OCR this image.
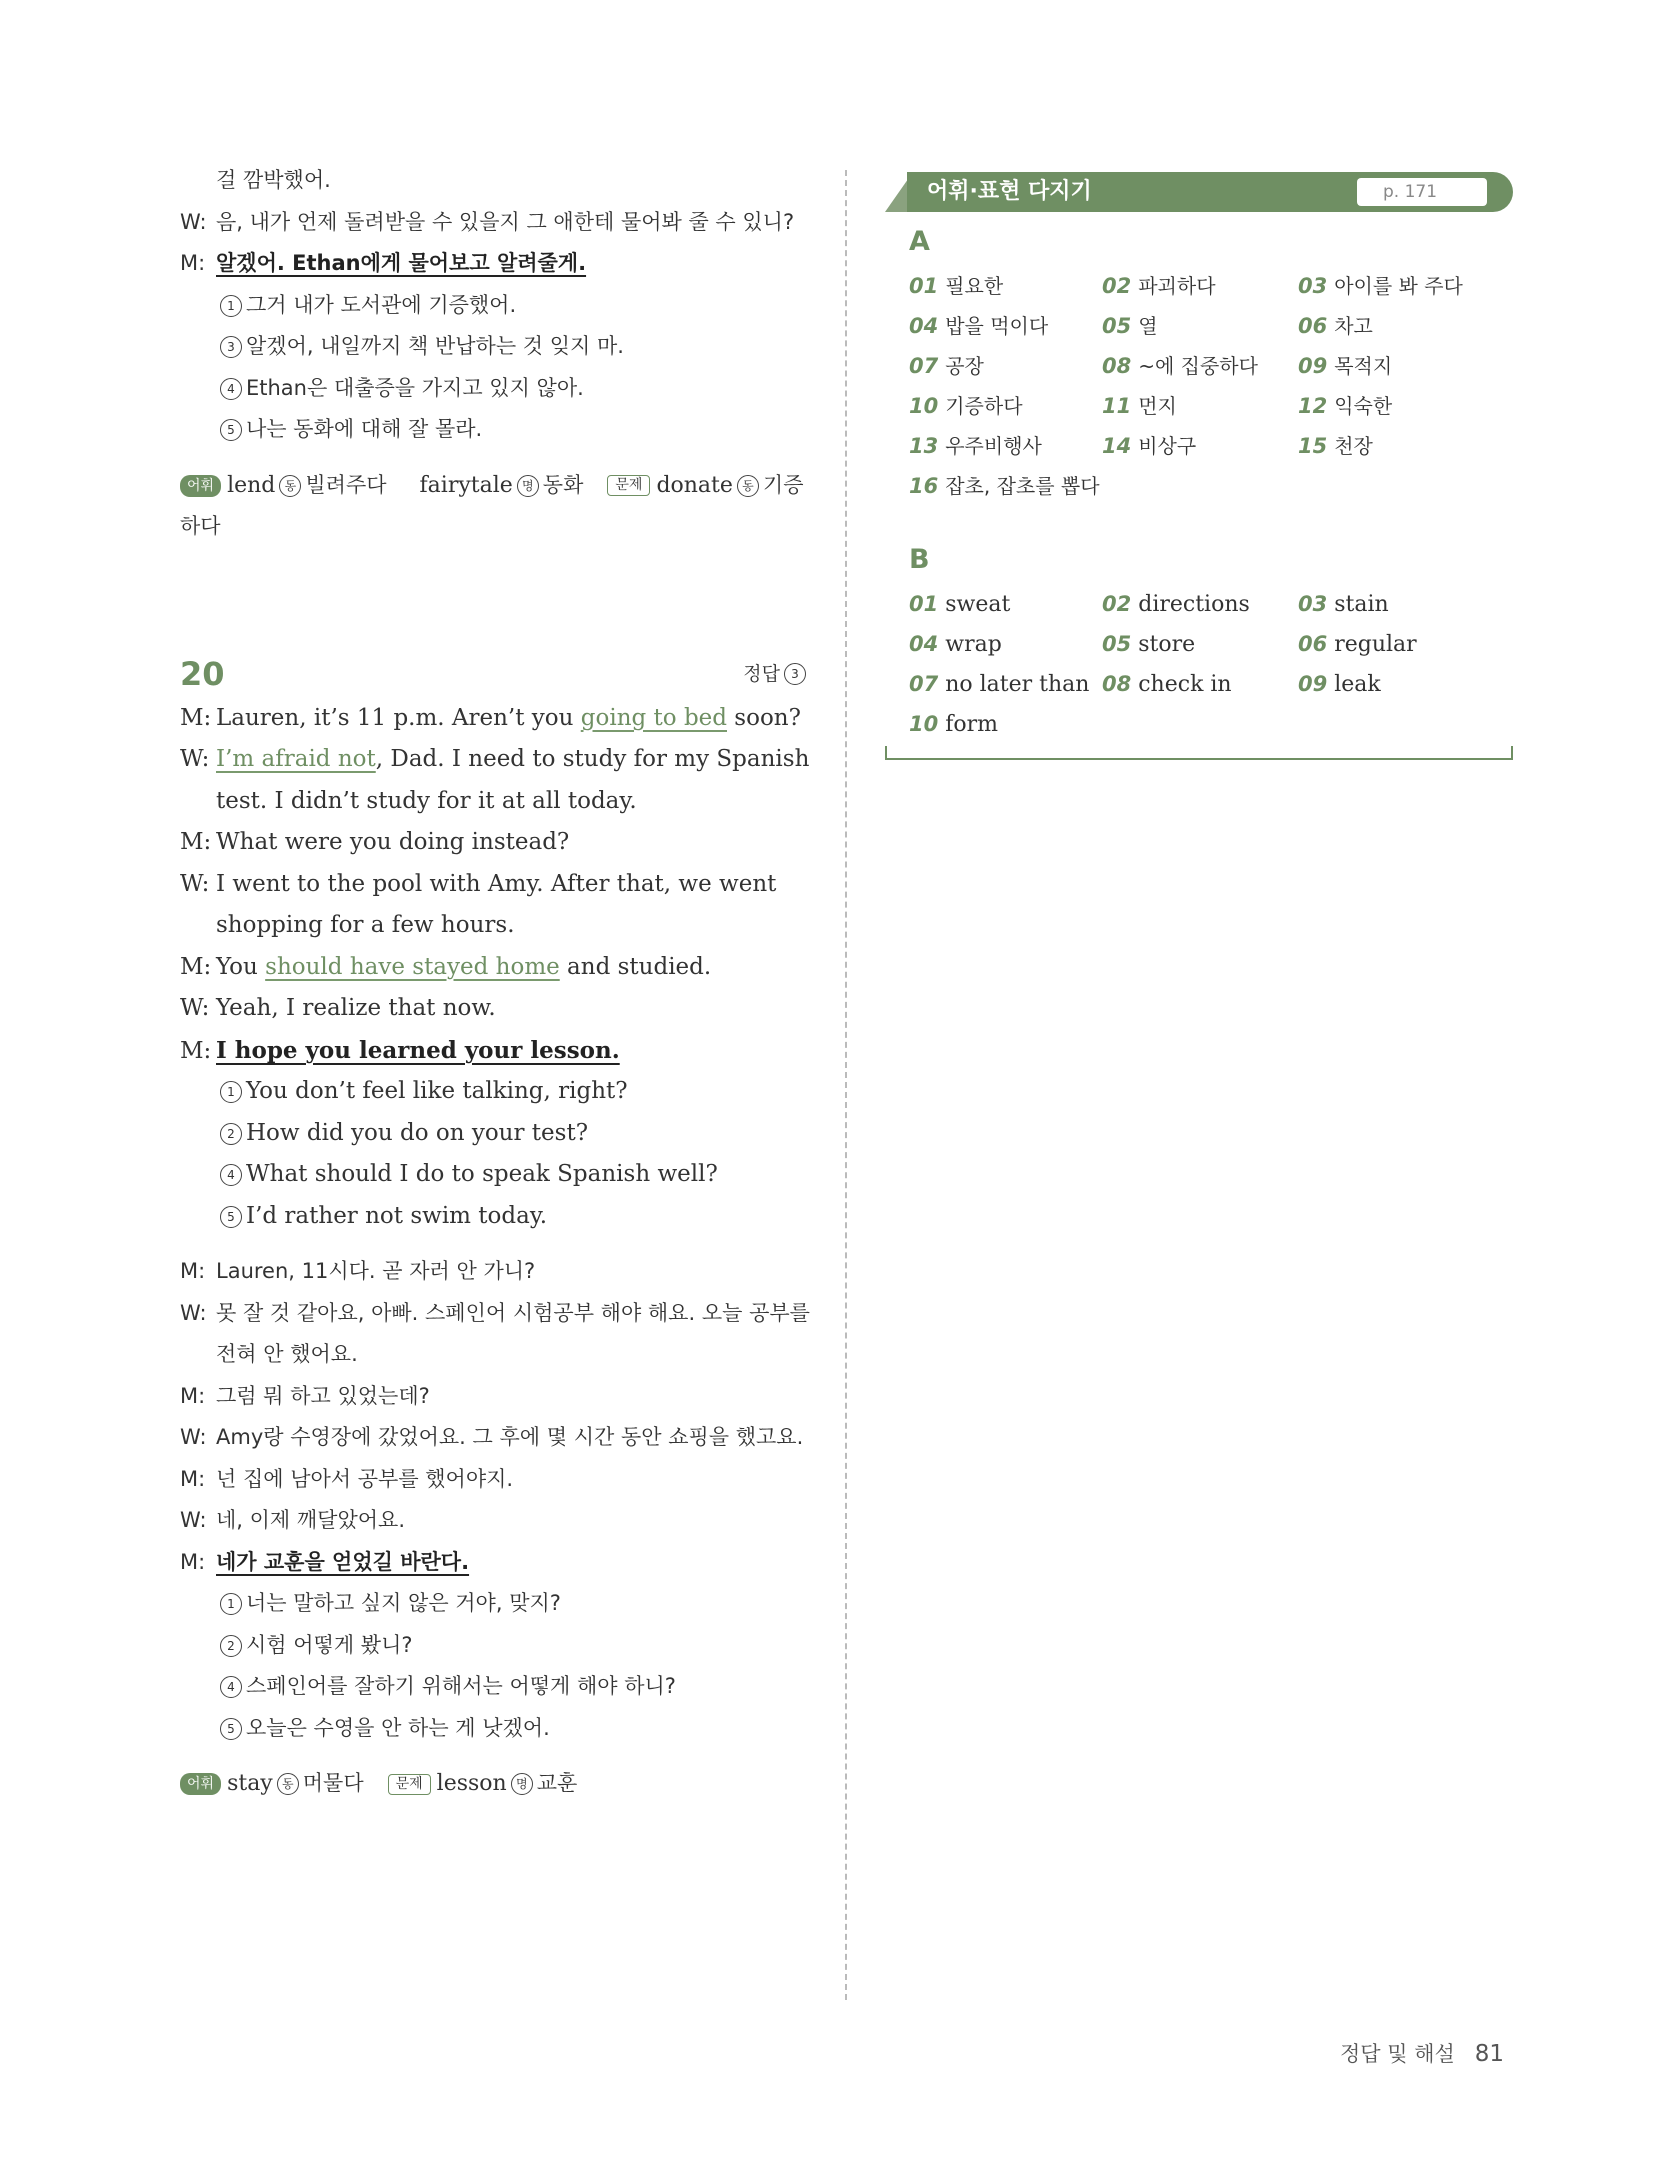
걸 깜박했어.
W: 음, 내가 언제 돌려받을 수 있을지 그 애한테 물어봐 줄 수 있니?
M: 알겠어. Ethan에게 물어보고 알려줄게.
1 그거 내가 도서관에 기증했어.
3 알겠어, 내일까지 책 반납하는 것 잊지 마.
4 Ethan은 대출증을 가지고 있지 않아.
5 나는 동화에 대해 잘 몰라.
어휘 lend 동 빌려주다 fairytale 명 동화 문제 donate 동 기증
하다
20	정답 3
M: Lauren, it’s 11 p.m. Aren’t you going to bed soon?
W: I’m afraid not, Dad. I need to study for my Spanish
test. I didn’t study for it at all today.
M: What were you doing instead?
W: I went to the pool with Amy. After that, we went
shopping for a few hours.
M: You should have stayed home and studied.
W: Yeah, I realize that now.
M: I hope you learned your lesson.
1 You don’t feel like talking, right?
2 How did you do on your test?
4 What should I do to speak Spanish well?
5 I’d rather not swim today.
M: Lauren, 11시다. 곧 자러 안 가니?
W: 못 잘 것 같아요, 아빠. 스페인어 시험공부 해야 해요. 오늘 공부를
전혀 안 했어요.
M: 그럼 뭐 하고 있었는데?
W: Amy랑 수영장에 갔었어요. 그 후에 몇 시간 동안 쇼핑을 했고요.
M: 넌 집에 남아서 공부를 했어야지.
W: 네, 이제 깨달았어요.
M: 네가 교훈을 얻었길 바란다.
1 너는 말하고 싶지 않은 거야, 맞지?
2 시험 어떻게 봤니?
4 스페인어를 잘하기 위해서는 어떻게 해야 하니?
5 오늘은 수영을 안 하는 게 낫겠어.
어휘 stay 동 머물다 문제 lesson 명 교훈
어휘·표현 다지기	p. 171
A
01 필요한	02 파괴하다	03 아이를 봐 주다
04 밥을 먹이다	05 열	06 차고
07 공장	08 ~에 집중하다	09 목적지
10 기증하다	11 먼지	12 익숙한
13 우주비행사	14 비상구	15 천장
16 잡초, 잡초를 뽑다
B
01 sweat	02 directions	03 stain
04 wrap	05 store	06 regular
07 no later than 08 check in	09 leak
10 form
정답 및 해설 81
